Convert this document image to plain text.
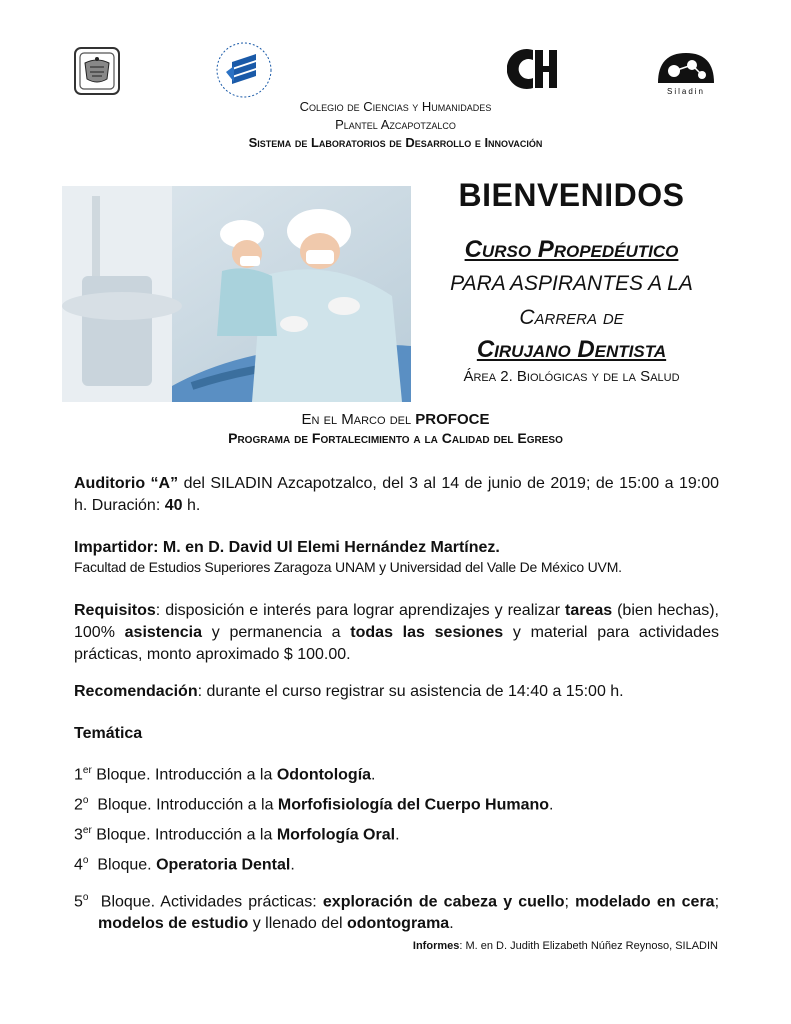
Siladin
Colegio de Ciencias y Humanidades
Plantel Azcapotzalco
Sistema de Laboratorios de Desarrollo e Innovación
BIENVENIDOS
Curso Propedéutico
PARA ASPIRANTES A LA
Carrera de
Cirujano Dentista
Área 2. Biológicas y de la Salud
En el Marco del PROFOCE
Programa de Fortalecimiento a la Calidad del Egreso
Auditorio “A” del SILADIN Azcapotzalco, del 3 al 14 de junio de 2019; de 15:00 a 19:00 h. Duración: 40 h.
Impartidor: M. en D. David Ul Elemi Hernández Martínez.
Facultad de Estudios Superiores Zaragoza UNAM y Universidad del Valle De México UVM.
Requisitos: disposición e interés para lograr aprendizajes y realizar tareas (bien hechas), 100% asistencia y permanencia a todas las sesiones y material para actividades prácticas, monto aproximado $ 100.00.
Recomendación: durante el curso registrar su asistencia de 14:40 a 15:00 h.
Temática
1er Bloque. Introducción a la Odontología.
2$^o$  Bloque. Introducción a la Morfofisiología del Cuerpo Humano.
3er Bloque. Introducción a la Morfología Oral.
4$^o$  Bloque. Operatoria Dental.
5$^o$  Bloque. Actividades prácticas: exploración de cabeza y cuello; modelado en cera; modelos de estudio y llenado del odontograma.
Informes: M. en D. Judith Elizabeth Núñez Reynoso, SILADIN
